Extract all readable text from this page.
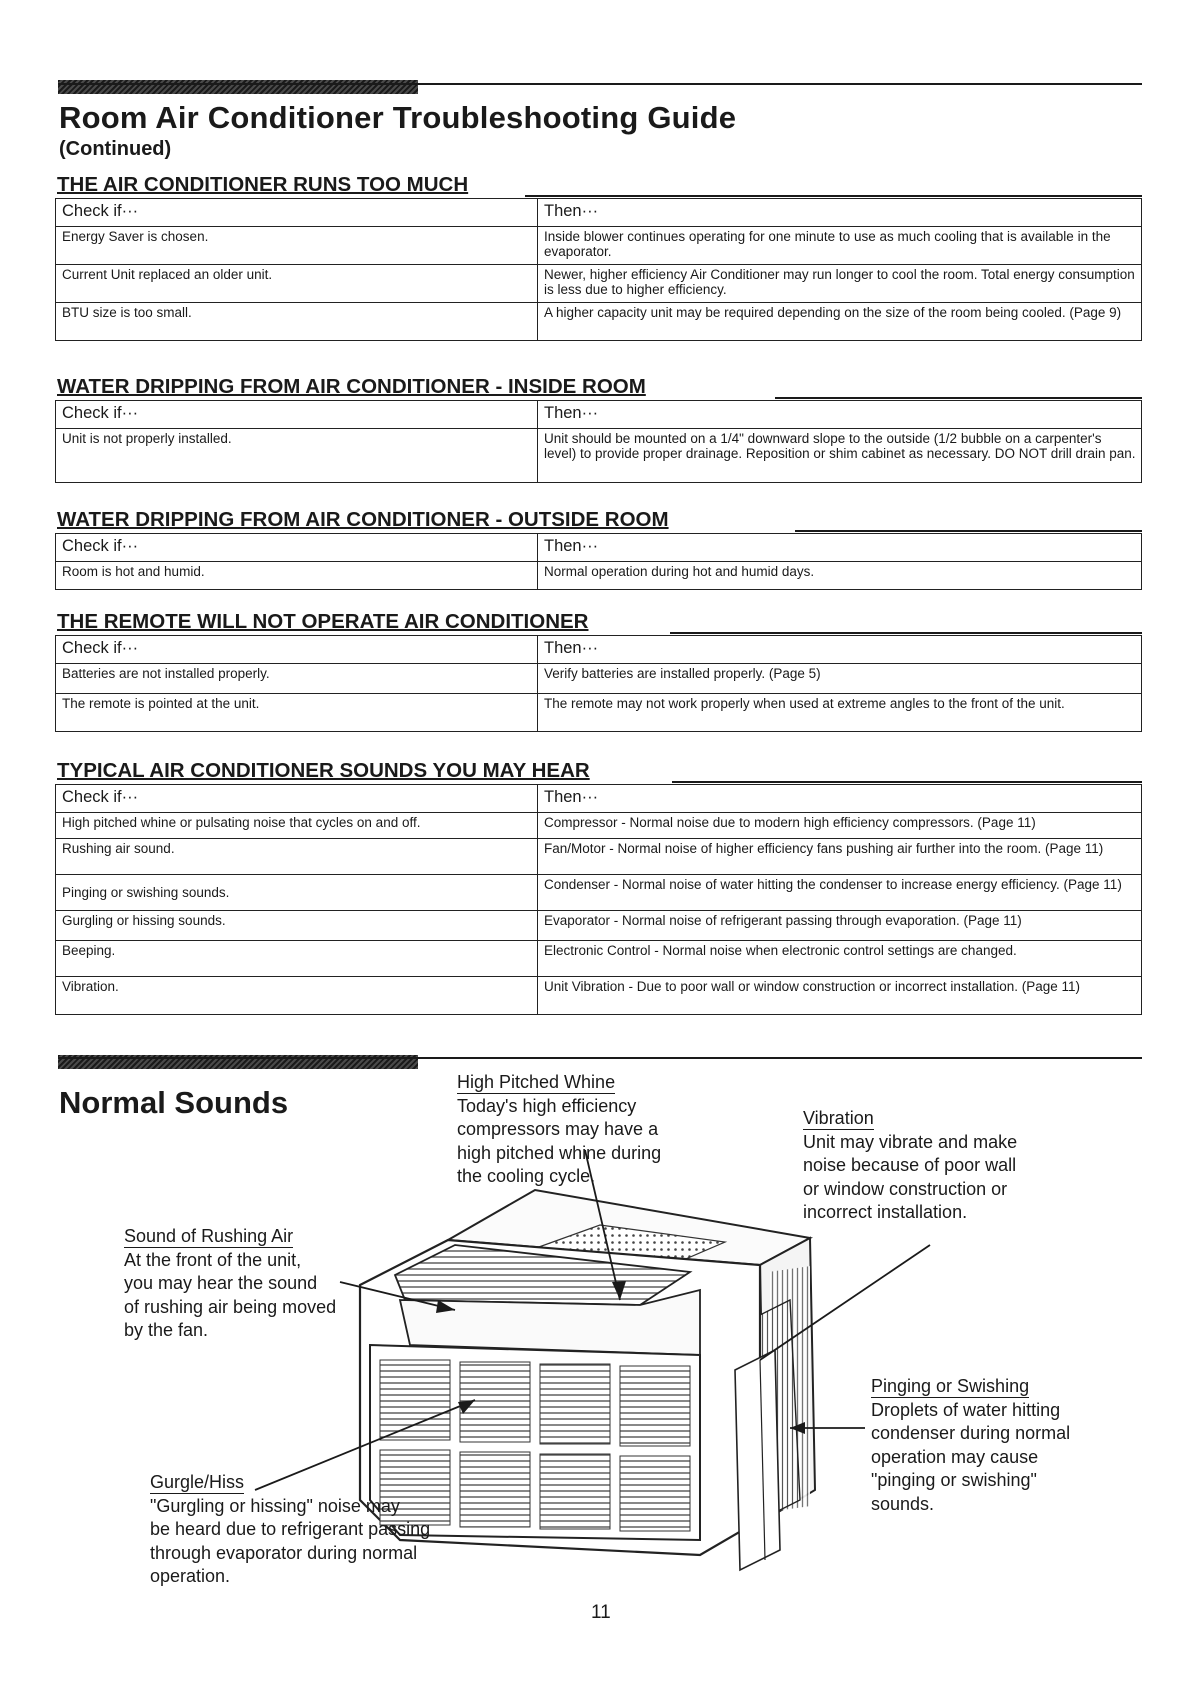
Room Air Conditioner Troubleshooting Guide
(Continued)
THE AIR CONDITIONER RUNS TOO MUCH
Check if···	Then···
Energy Saver is chosen.	Inside blower continues operating for one minute to use as much cooling that is available in the evaporator.
Current Unit replaced an older unit.	Newer, higher efficiency Air Conditioner may run longer to cool the room. Total energy consumption is less due to higher efficiency.
BTU size is too small.	A higher capacity unit may be required depending on the size of the room being cooled. (Page 9)
WATER DRIPPING FROM AIR CONDITIONER - INSIDE ROOM
Check if···	Then···
Unit is not properly installed.	Unit should be mounted on a 1/4" downward slope to the outside (1/2 bubble on a carpenter's level) to provide proper drainage. Reposition or shim cabinet as necessary. DO NOT drill drain pan.
WATER DRIPPING FROM AIR CONDITIONER - OUTSIDE ROOM
Check if···	Then···
Room is hot and humid.	Normal operation during hot and humid days.
THE REMOTE WILL NOT OPERATE AIR CONDITIONER
Check if···	Then···
Batteries are not installed properly.	Verify batteries are installed properly. (Page 5)
The remote is pointed at the unit.	The remote may not work properly when used at extreme angles to the front of the unit.
TYPICAL AIR CONDITIONER SOUNDS YOU MAY HEAR
Check if···	Then···
High pitched whine or pulsating noise that cycles on and off.	Compressor - Normal noise due to modern high efficiency compressors. (Page 11)
Rushing air sound.	Fan/Motor - Normal noise of higher efficiency fans pushing air further into the room. (Page 11)
Pinging or swishing sounds.	Condenser - Normal noise of water hitting the condenser to increase energy efficiency. (Page 11)
Gurgling or hissing sounds.	Evaporator - Normal noise of refrigerant passing through evaporation. (Page 11)
Beeping.	Electronic Control - Normal noise when electronic control settings are changed.
Vibration.	Unit Vibration - Due to poor wall or window construction or incorrect installation. (Page 11)
Normal Sounds
High Pitched Whine
Today's high efficiency
compressors may have a
high pitched whine during
the cooling cycle.
Vibration
Unit may vibrate and make
noise because of poor wall
or window construction or
incorrect installation.
Sound of Rushing Air
At the front of the unit,
you may hear the sound
of rushing air being moved
by the fan.
Pinging or Swishing
Droplets of water hitting
condenser during normal
operation may cause
"pinging or swishing"
sounds.
Gurgle/Hiss
"Gurgling or hissing" noise may
be heard due to refrigerant passing
through evaporator during normal
operation.
11
